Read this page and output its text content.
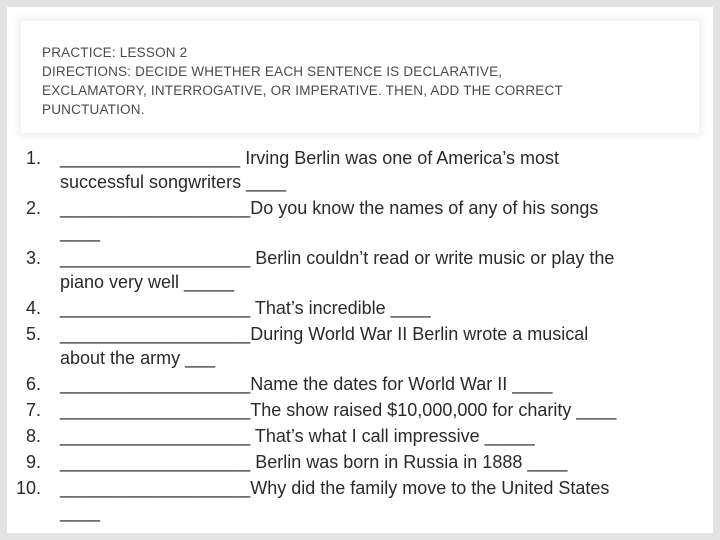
PRACTICE: LESSON 2
DIRECTIONS: DECIDE WHETHER EACH SENTENCE IS DECLARATIVE,
EXCLAMATORY, INTERROGATIVE, OR IMPERATIVE. THEN, ADD THE CORRECT
PUNCTUATION.
1. __________________ Irving Berlin was one of America’s most
successful songwriters ____
2. ___________________Do you know the names of any of his songs
____
3. ___________________ Berlin couldn’t read or write music or play the
piano very well _____
4. ___________________ That’s incredible ____
5. ___________________During World War II Berlin wrote a musical
about the army ___
6. ___________________Name the dates for World War II ____
7. ___________________The show raised $10,000,000 for charity ____
8. ___________________ That’s what I call impressive _____
9. ___________________ Berlin was born in Russia in 1888 ____
10. ___________________Why did the family move to the United States
____
